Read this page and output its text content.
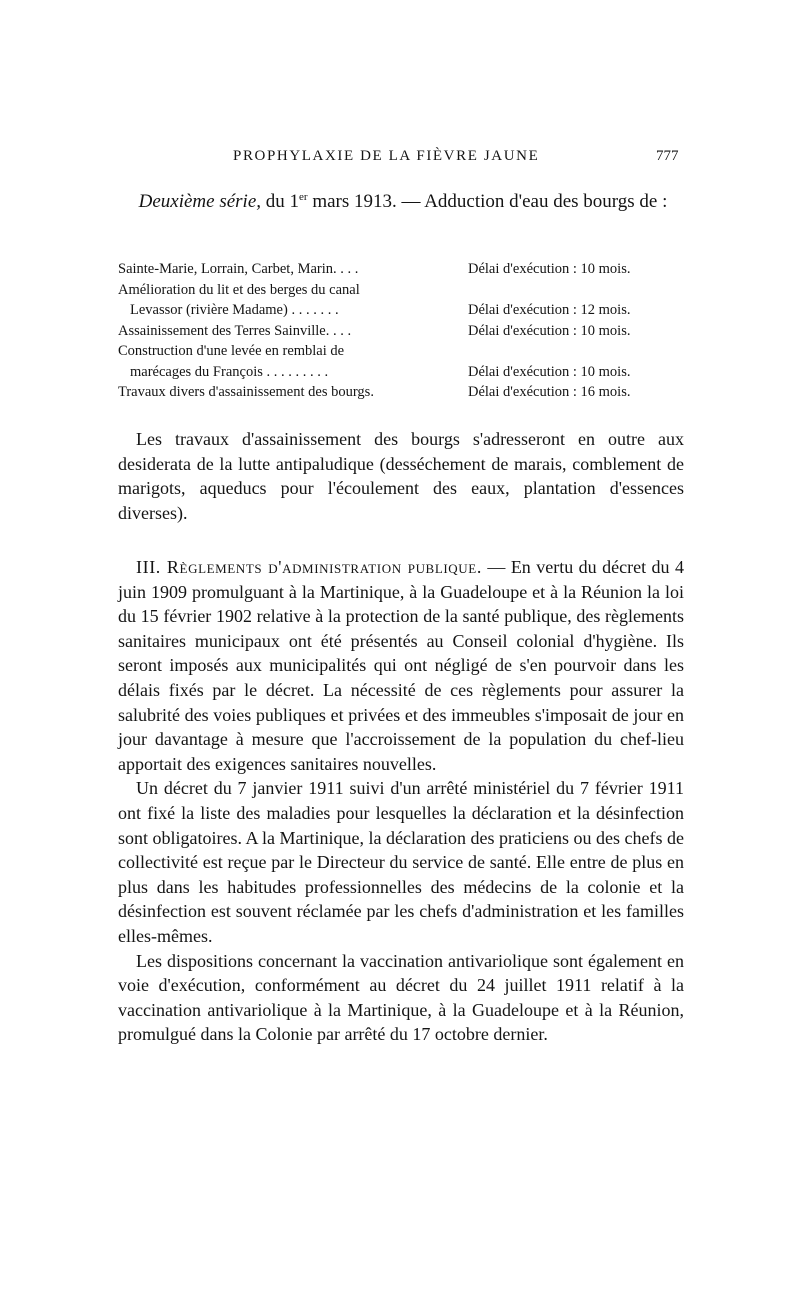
PROPHYLAXIE DE LA FIÈVRE JAUNE	777
Deuxième série, du 1er mars 1913. — Adduction d'eau des bourgs de :
Sainte-Marie, Lorrain, Carbet, Marin. . . .	Délai d'exécution : 10 mois.
Amélioration du lit et des berges du canal
Levassor (rivière Madame) . . . . . . .	Délai d'exécution : 12 mois.
Assainissement des Terres Sainville. . . .	Délai d'exécution : 10 mois.
Construction d'une levée en remblai de
marécages du François . . . . . . . . .	Délai d'exécution : 10 mois.
Travaux divers d'assainissement des bourgs.	Délai d'exécution : 16 mois.

Les travaux d'assainissement des bourgs s'adresseront en outre aux desiderata de la lutte antipaludique (desséchement de marais, comblement de marigots, aqueducs pour l'écoulement des eaux, plantation d'essences diverses).

III. Règlements d'administration publique. — En vertu du décret du 4 juin 1909 promulguant à la Martinique, à la Guadeloupe et à la Réunion la loi du 15 février 1902 relative à la protection de la santé publique, des règlements sanitaires municipaux ont été présentés au Conseil colonial d'hygiène. Ils seront imposés aux municipalités qui ont négligé de s'en pourvoir dans les délais fixés par le décret. La nécessité de ces règlements pour assurer la salubrité des voies publiques et privées et des immeubles s'imposait de jour en jour davantage à mesure que l'accroissement de la population du chef-lieu apportait des exigences sanitaires nouvelles.

Un décret du 7 janvier 1911 suivi d'un arrêté ministériel du 7 février 1911 ont fixé la liste des maladies pour lesquelles la déclaration et la désinfection sont obligatoires. A la Martinique, la déclaration des praticiens ou des chefs de collectivité est reçue par le Directeur du service de santé. Elle entre de plus en plus dans les habitudes professionnelles des médecins de la colonie et la désinfection est souvent réclamée par les chefs d'administration et les familles elles-mêmes.

Les dispositions concernant la vaccination antivariolique sont également en voie d'exécution, conformément au décret du 24 juillet 1911 relatif à la vaccination antivariolique à la Martinique, à la Guadeloupe et à la Réunion, promulgué dans la Colonie par arrêté du 17 octobre dernier.
